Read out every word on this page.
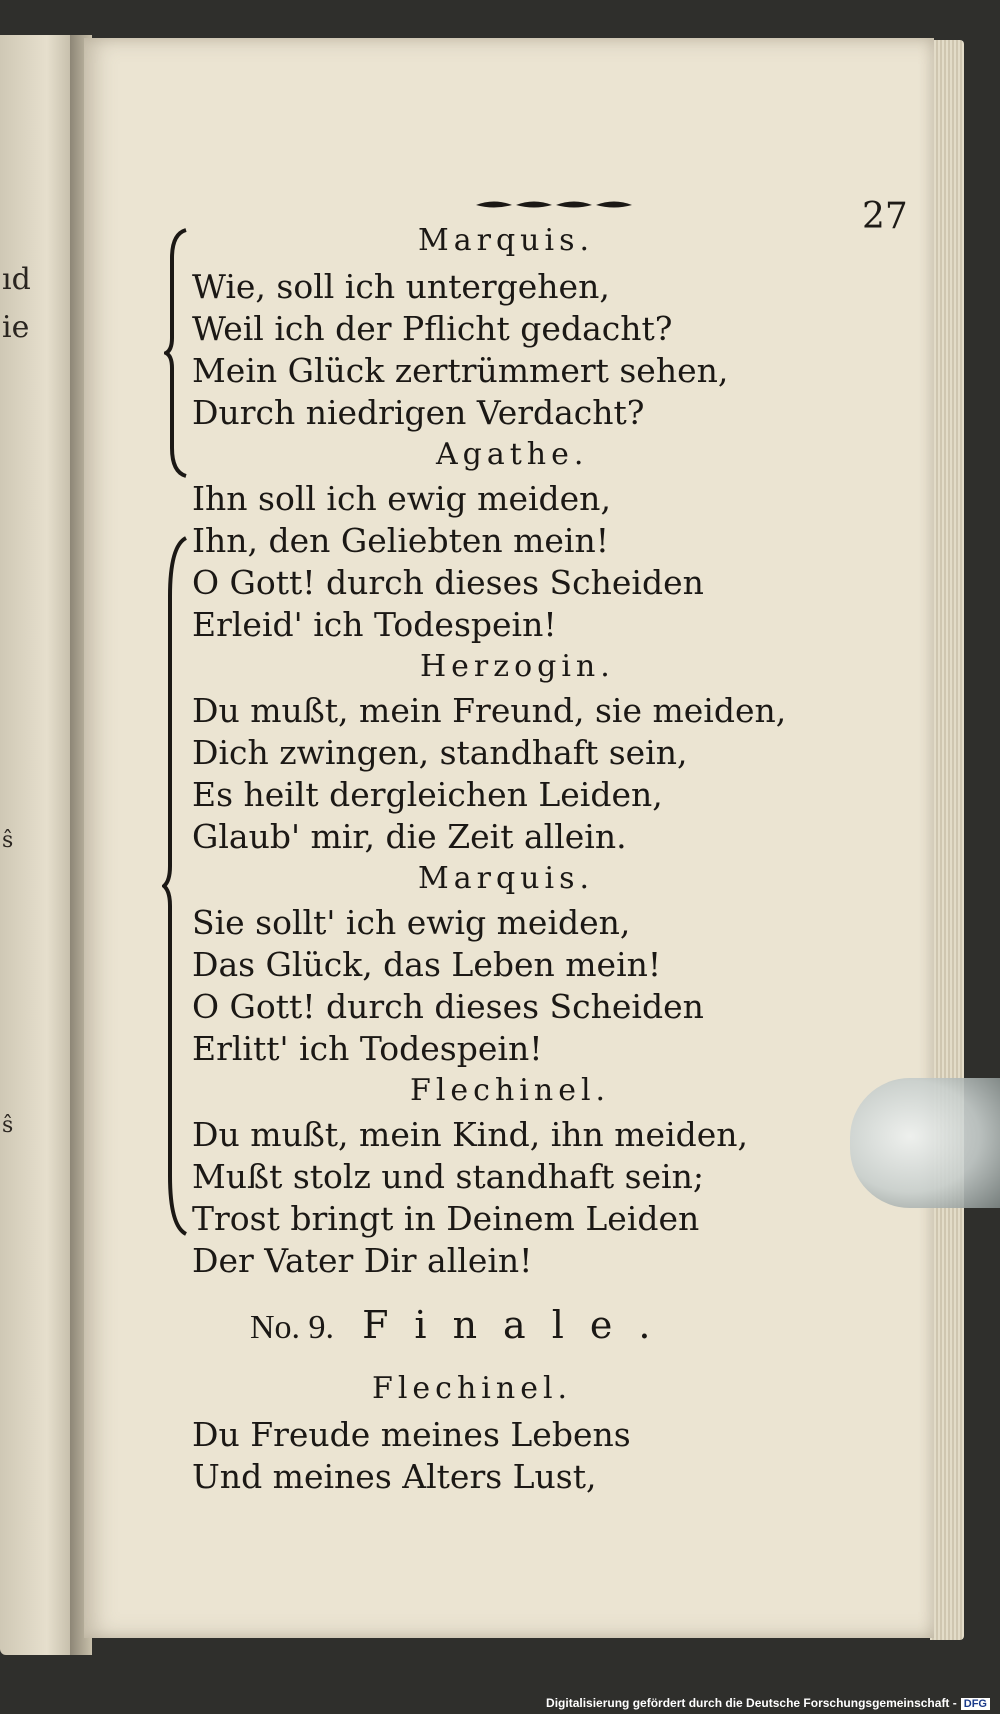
ıd
ie
ŝ
ŝ
27
Marquis.
Wie, soll ich untergehen,
Weil ich der Pflicht gedacht?
Mein Glück zertrümmert sehen,
Durch niedrigen Verdacht?
Agathe.
Ihn soll ich ewig meiden,
Ihn, den Geliebten mein!
O Gott! durch dieses Scheiden
Erleid' ich Todespein!
Herzogin.
Du mußt, mein Freund, sie meiden,
Dich zwingen, standhaft sein,
Es heilt dergleichen Leiden,
Glaub' mir, die Zeit allein.
Marquis.
Sie sollt' ich ewig meiden,
Das Glück, das Leben mein!
O Gott! durch dieses Scheiden
Erlitt' ich Todespein!
Flechinel.
Du mußt, mein Kind, ihn meiden,
Mußt stolz und standhaft sein;
Trost bringt in Deinem Leiden
Der Vater Dir allein!
No. 9. Finale.
Flechinel.
Du Freude meines Lebens
Und meines Alters Lust,
Digitalisierung gefördert durch die Deutsche Forschungsgemeinschaft - DFG
